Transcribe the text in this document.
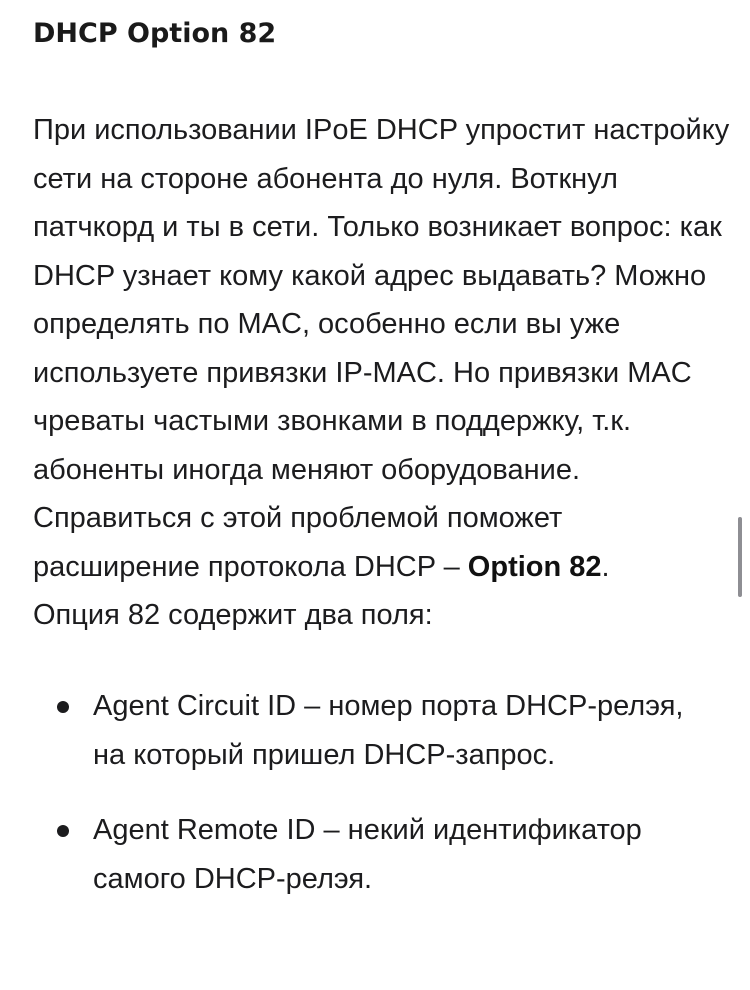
DHCP Option 82

При использовании IPoE DHCP упростит настройку сети на стороне абонента до нуля. Воткнул патчкорд и ты в сети. Только возникает вопрос: как DHCP узнает кому какой адрес выдавать? Можно определять по MAC, особенно если вы уже используете привязки IP-MAC. Но привязки MAC чреваты частыми звонками в поддержку, т.к. абоненты иногда меняют оборудование. Справиться с этой проблемой поможет расширение протокола DHCP – Option 82.
Опция 82 содержит два поля:

Agent Circuit ID – номер порта DHCP-релэя, на который пришел DHCP-запрос.
Agent Remote ID – некий идентификатор самого DHCP-релэя.
